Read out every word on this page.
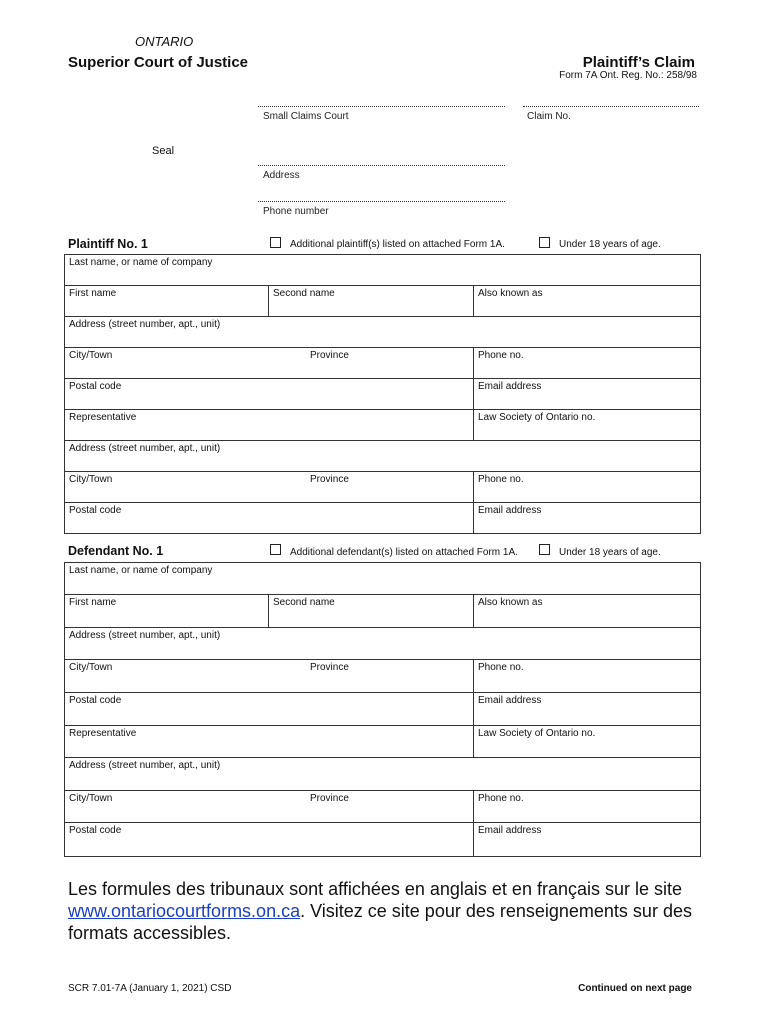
ONTARIO
Superior Court of Justice	Plaintiff’s Claim
Form 7A Ont. Reg. No.: 258/98
Small Claims Court	Claim No.
Seal
Address
Phone number
Plaintiff No. 1	Additional plaintiff(s) listed on attached Form 1A.	Under 18 years of age.
Last name, or name of company		
First name	Second name	Also known as
Address (street number, apt., unit)		
City/Town Province		Phone no.
Postal code		Email address
Representative		Law Society of Ontario no.
Address (street number, apt., unit)		
City/Town Province		Phone no.
Postal code		Email address
Defendant No. 1	Additional defendant(s) listed on attached Form 1A.	Under 18 years of age.
Last name, or name of company		
First name	Second name	Also known as
Address (street number, apt., unit)		
City/Town Province		Phone no.
Postal code		Email address
Representative		Law Society of Ontario no.
Address (street number, apt., unit)		
City/Town Province		Phone no.
Postal code		Email address
Les formules des tribunaux sont affichées en anglais et en français sur le site www.ontariocourtforms.on.ca. Visitez ce site pour des renseignements sur des formats accessibles.
SCR 7.01-7A (January 1, 2021) CSD	Continued on next page
